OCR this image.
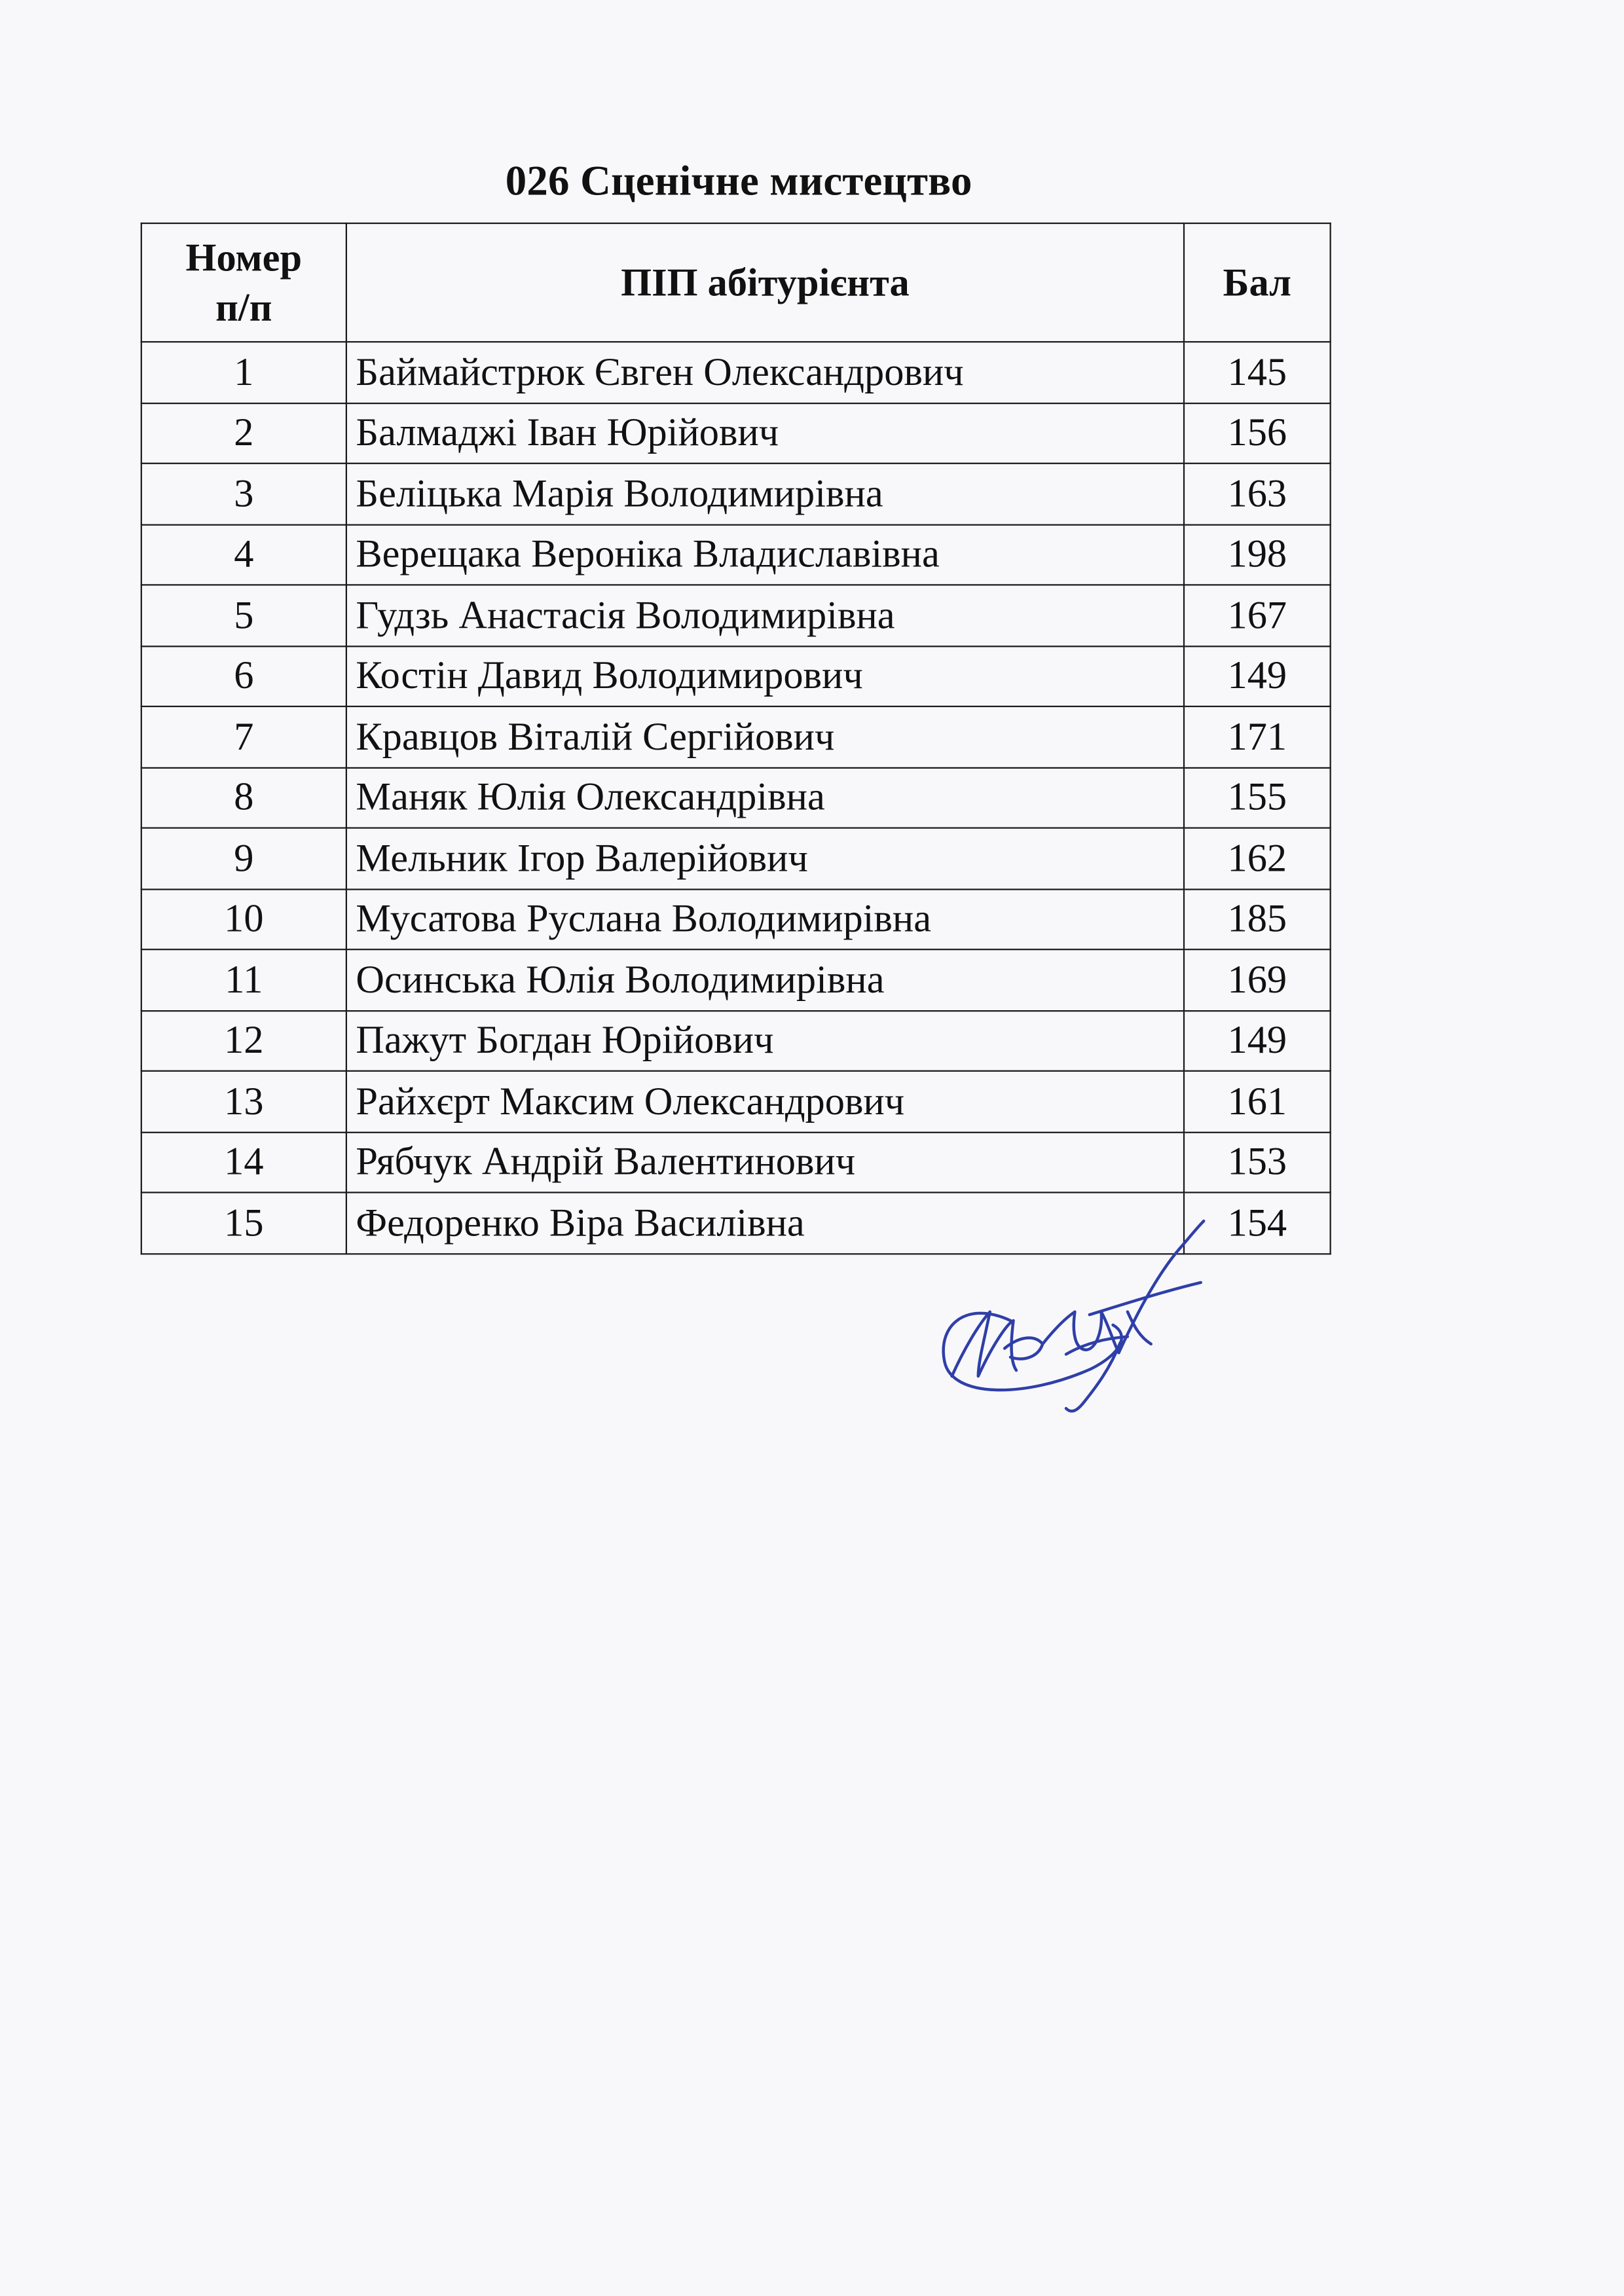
026 Сценічне мистецтво
Номер
п/п	ПІП абітурієнта	Бал
1	Баймайстрюк Євген Олександрович	145
2	Балмаджі Іван Юрійович	156
3	Беліцька Марія Володимирівна	163
4	Верещака Вероніка Владиславівна	198
5	Гудзь Анастасія Володимирівна	167
6	Костін Давид Володимирович	149
7	Кравцов Віталій Сергійович	171
8	Маняк Юлія Олександрівна	155
9	Мельник Ігор Валерійович	162
10	Мусатова Руслана Володимирівна	185
11	Осинська Юлія Володимирівна	169
12	Пажут Богдан Юрійович	149
13	Райхєрт Максим Олександрович	161
14	Рябчук Андрій Валентинович	153
15	Федоренко Віра Василівна	154
